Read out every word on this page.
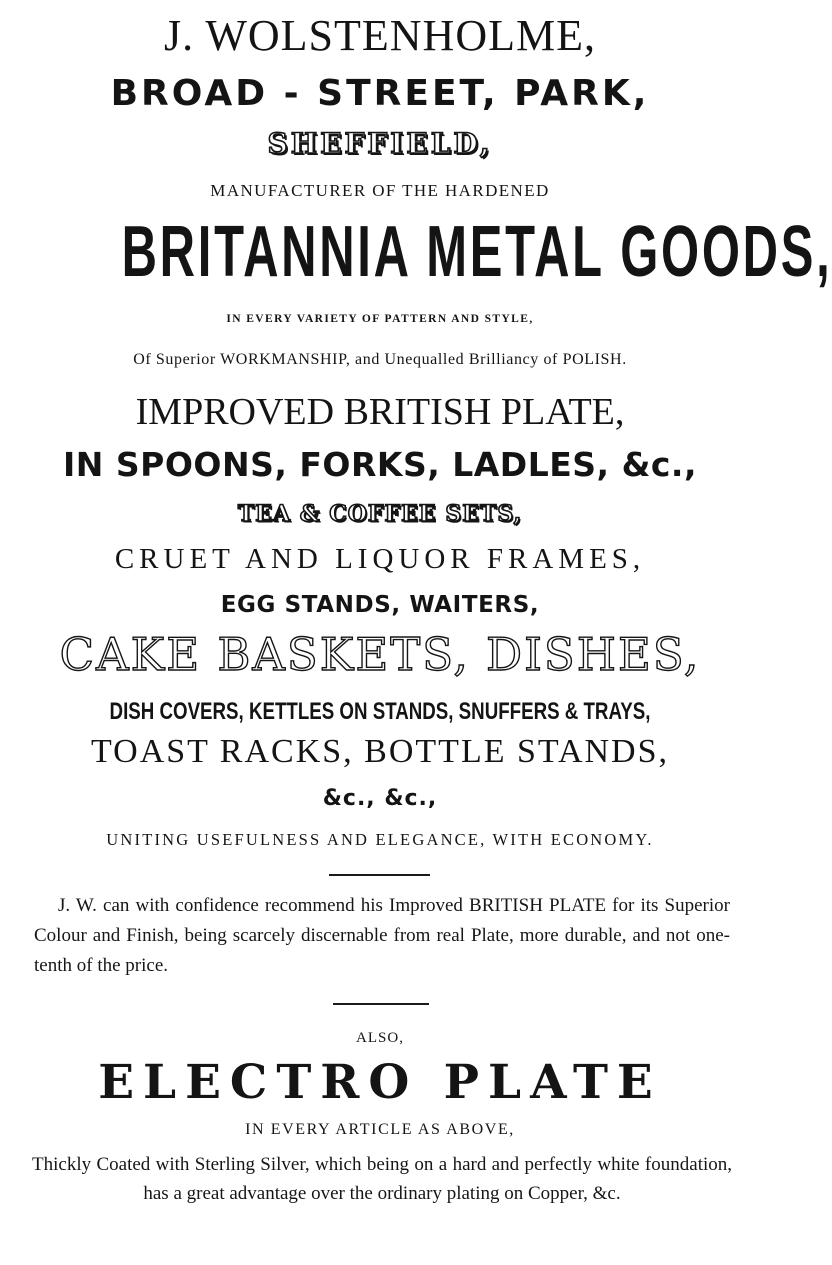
J. WOLSTENHOLME,
BROAD - STREET, PARK,
SHEFFIELD,
MANUFACTURER OF THE HARDENED
BRITANNIA METAL GOODS,
IN EVERY VARIETY OF PATTERN AND STYLE,
Of Superior WORKMANSHIP, and Unequalled Brilliancy of POLISH.
IMPROVED BRITISH PLATE,
IN SPOONS, FORKS, LADLES, &c.,
TEA & COFFEE SETS,
CRUET AND LIQUOR FRAMES,
EGG STANDS, WAITERS,
CAKE BASKETS, DISHES,
DISH COVERS, KETTLES ON STANDS, SNUFFERS & TRAYS,
TOAST RACKS, BOTTLE STANDS,
&c., &c.,
UNITING USEFULNESS AND ELEGANCE, WITH ECONOMY.
J. W. can with confidence recommend his Improved BRITISH PLATE for its Superior Colour and Finish, being scarcely discernable from real Plate, more durable, and not one-tenth of the price.
ALSO,
ELECTRO PLATE
IN EVERY ARTICLE AS ABOVE,
Thickly Coated with Sterling Silver, which being on a hard and perfectly white foundation, has a great advantage over the ordinary plating on Copper, &c.
